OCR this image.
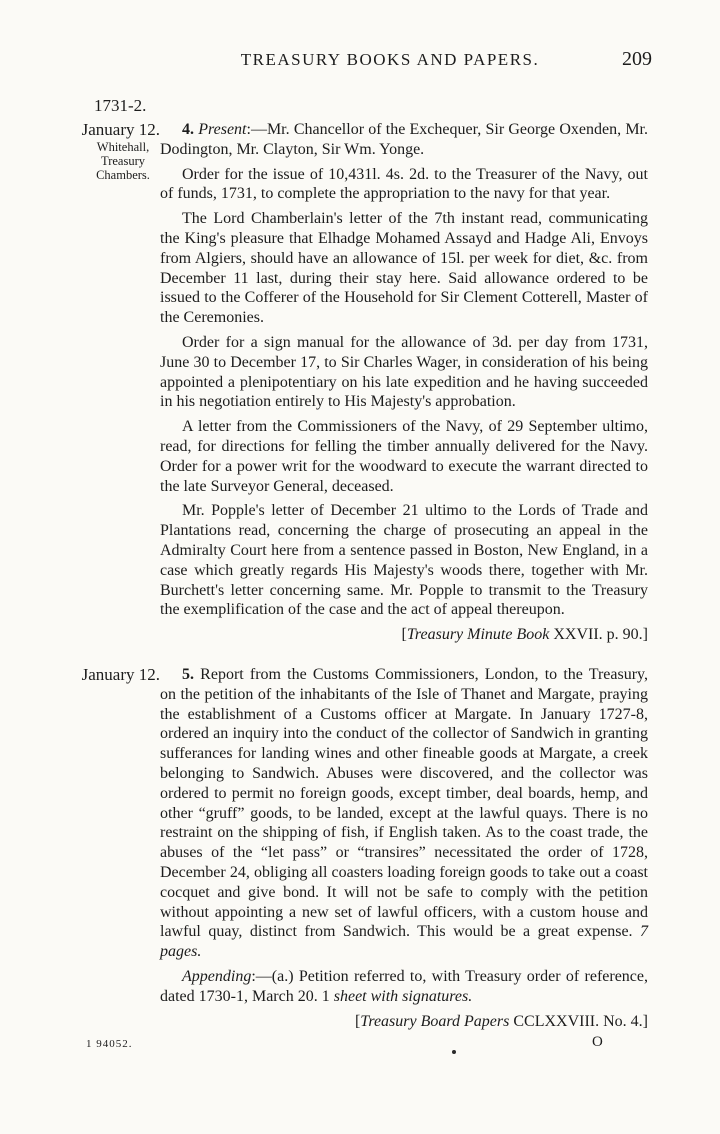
TREASURY BOOKS AND PAPERS.	209
1731-2.
January 12.
Whitehall,
Treasury
Chambers.

4. Present:—Mr. Chancellor of the Exchequer, Sir George Oxenden, Mr. Dodington, Mr. Clayton, Sir Wm. Yonge.

Order for the issue of 10,431l. 4s. 2d. to the Treasurer of the Navy, out of funds, 1731, to complete the appropriation to the navy for that year.

The Lord Chamberlain's letter of the 7th instant read, communicating the King's pleasure that Elhadge Mohamed Assayd and Hadge Ali, Envoys from Algiers, should have an allowance of 15l. per week for diet, &c. from December 11 last, during their stay here. Said allowance ordered to be issued to the Cofferer of the Household for Sir Clement Cotterell, Master of the Ceremonies.

Order for a sign manual for the allowance of 3d. per day from 1731, June 30 to December 17, to Sir Charles Wager, in consideration of his being appointed a plenipotentiary on his late expedition and he having succeeded in his negotiation entirely to His Majesty's approbation.

A letter from the Commissioners of the Navy, of 29 September ultimo, read, for directions for felling the timber annually delivered for the Navy. Order for a power writ for the woodward to execute the warrant directed to the late Surveyor General, deceased.

Mr. Popple's letter of December 21 ultimo to the Lords of Trade and Plantations read, concerning the charge of prosecuting an appeal in the Admiralty Court here from a sentence passed in Boston, New England, in a case which greatly regards His Majesty's woods there, together with Mr. Burchett's letter concerning same. Mr. Popple to transmit to the Treasury the exemplification of the case and the act of appeal thereupon.

[Treasury Minute Book XXVII. p. 90.]
January 12.	5. Report from the Customs Commissioners, London, to the Treasury, on the petition of the inhabitants of the Isle of Thanet and Margate, praying the establishment of a Customs officer at Margate. In January 1727-8, ordered an inquiry into the conduct of the collector of Sandwich in granting sufferances for landing wines and other fineable goods at Margate, a creek belonging to Sandwich. Abuses were discovered, and the collector was ordered to permit no foreign goods, except timber, deal boards, hemp, and other “gruff” goods, to be landed, except at the lawful quays. There is no restraint on the shipping of fish, if English taken. As to the coast trade, the abuses of the “let pass” or “transires” necessitated the order of 1728, December 24, obliging all coasters loading foreign goods to take out a coast cocquet and give bond. It will not be safe to comply with the petition without appointing a new set of lawful officers, with a custom house and lawful quay, distinct from Sandwich. This would be a great expense. 7 pages.

Appending:—(a.) Petition referred to, with Treasury order of reference, dated 1730-1, March 20. 1 sheet with signatures.

[Treasury Board Papers CCLXXVIII. No. 4.]
1 94052.	O
